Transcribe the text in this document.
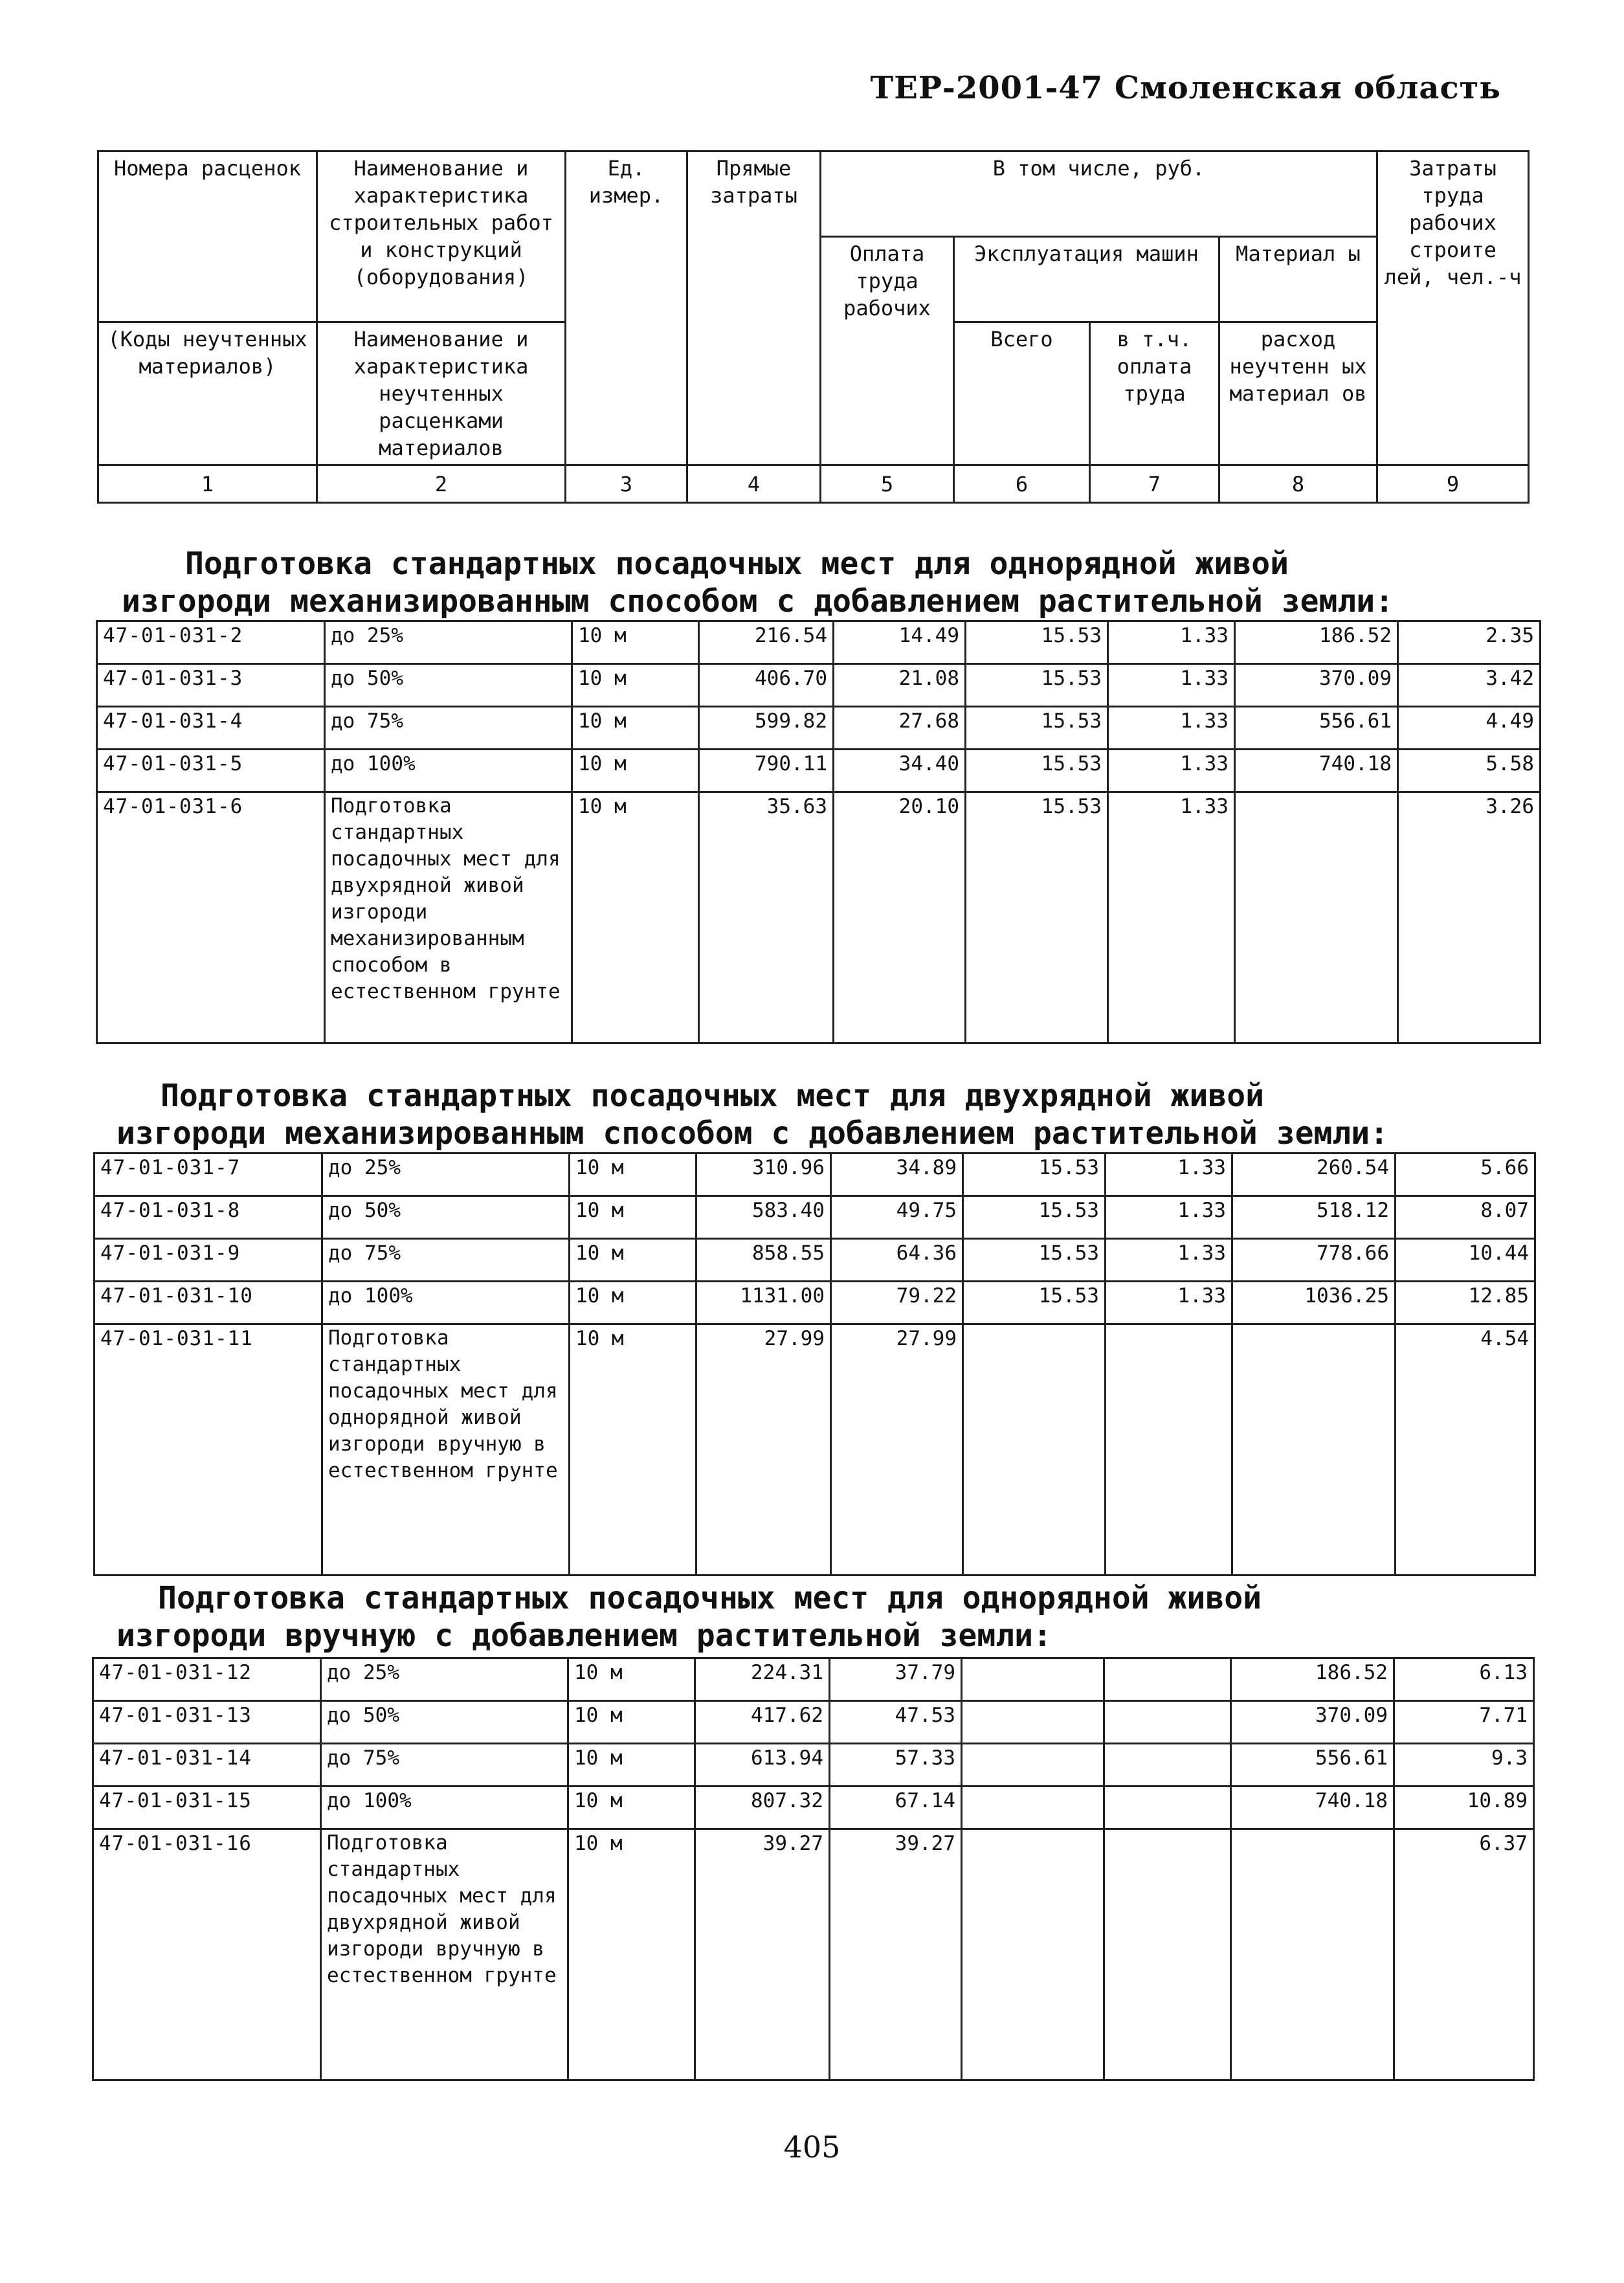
ТЕР-2001-47 Смоленская область
Номера расценок	Наименование и характеристика строительных работ и конструкций (оборудования)	Ед. измер.	Прямые затраты	В том числе, руб.				Затраты труда рабочих строите лей, чел.-ч
				Оплата труда рабочих	Эксплуатация машин		Материал ы	
(Коды неучтенных материалов)	Наименование и характеристика неучтенных расценками материалов				Всего	в т.ч. оплата труда	расход неучтенн ых материал ов	
1	2	3	4	5	6	7	8	9
Подготовка стандартных посадочных мест для однорядной живой
изгороди механизированным способом с добавлением растительной земли:
47-01-031-2	до 25%	10 м	216.54	14.49	15.53	1.33	186.52	2.35
47-01-031-3	до 50%	10 м	406.70	21.08	15.53	1.33	370.09	3.42
47-01-031-4	до 75%	10 м	599.82	27.68	15.53	1.33	556.61	4.49
47-01-031-5	до 100%	10 м	790.11	34.40	15.53	1.33	740.18	5.58
47-01-031-6	Подготовка стандартных посадочных мест для двухрядной живой изгороди механизированным способом в естественном грунте	10 м	35.63	20.10	15.53	1.33		3.26
Подготовка стандартных посадочных мест для двухрядной живой
изгороди механизированным способом с добавлением растительной земли:
47-01-031-7	до 25%	10 м	310.96	34.89	15.53	1.33	260.54	5.66
47-01-031-8	до 50%	10 м	583.40	49.75	15.53	1.33	518.12	8.07
47-01-031-9	до 75%	10 м	858.55	64.36	15.53	1.33	778.66	10.44
47-01-031-10	до 100%	10 м	1131.00	79.22	15.53	1.33	1036.25	12.85
47-01-031-11	Подготовка стандартных посадочных мест для однорядной живой изгороди вручную в естественном грунте	10 м	27.99	27.99				4.54
Подготовка стандартных посадочных мест для однорядной живой
изгороди вручную с добавлением растительной земли:
47-01-031-12	до 25%	10 м	224.31	37.79			186.52	6.13
47-01-031-13	до 50%	10 м	417.62	47.53			370.09	7.71
47-01-031-14	до 75%	10 м	613.94	57.33			556.61	9.3
47-01-031-15	до 100%	10 м	807.32	67.14			740.18	10.89
47-01-031-16	Подготовка стандартных посадочных мест для двухрядной живой изгороди вручную в естественном грунте	10 м	39.27	39.27				6.37
405
